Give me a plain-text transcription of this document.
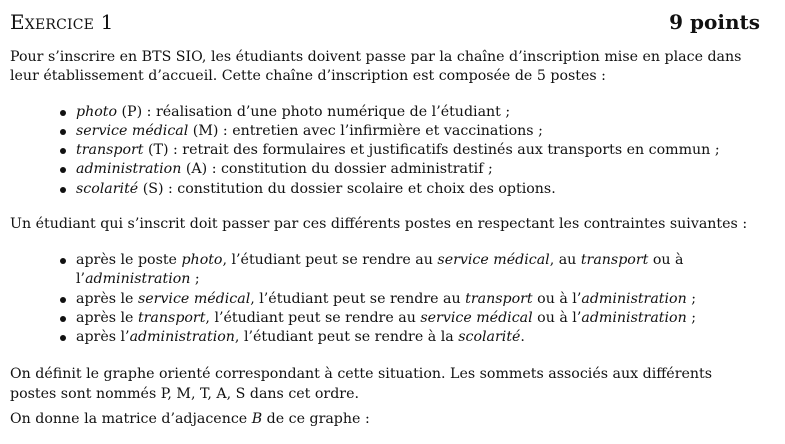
Exercice 1	9 points

Pour s’inscrire en BTS SIO, les étudiants doivent passe par la chaîne d’inscription mise en place dans leur établissement d’accueil. Cette chaîne d’inscription est composée de 5 postes :

photo (P) : réalisation d’une photo numérique de l’étudiant ;
service médical (M) : entretien avec l’infirmière et vaccinations ;
transport (T) : retrait des formulaires et justificatifs destinés aux transports en commun ;
administration (A) : constitution du dossier administratif ;
scolarité (S) : constitution du dossier scolaire et choix des options.

Un étudiant qui s’inscrit doit passer par ces différents postes en respectant les contraintes suivantes :

après le poste photo, l’étudiant peut se rendre au service médical, au transport ou à l’administration ;
après le service médical, l’étudiant peut se rendre au transport ou à l’administration ;
après le transport, l’étudiant peut se rendre au service médical ou à l’administration ;
après l’administration, l’étudiant peut se rendre à la scolarité.

On définit le graphe orienté correspondant à cette situation. Les sommets associés aux différents postes sont nommés P, M, T, A, S dans cet ordre.

On donne la matrice d’adjacence B de ce graphe :
